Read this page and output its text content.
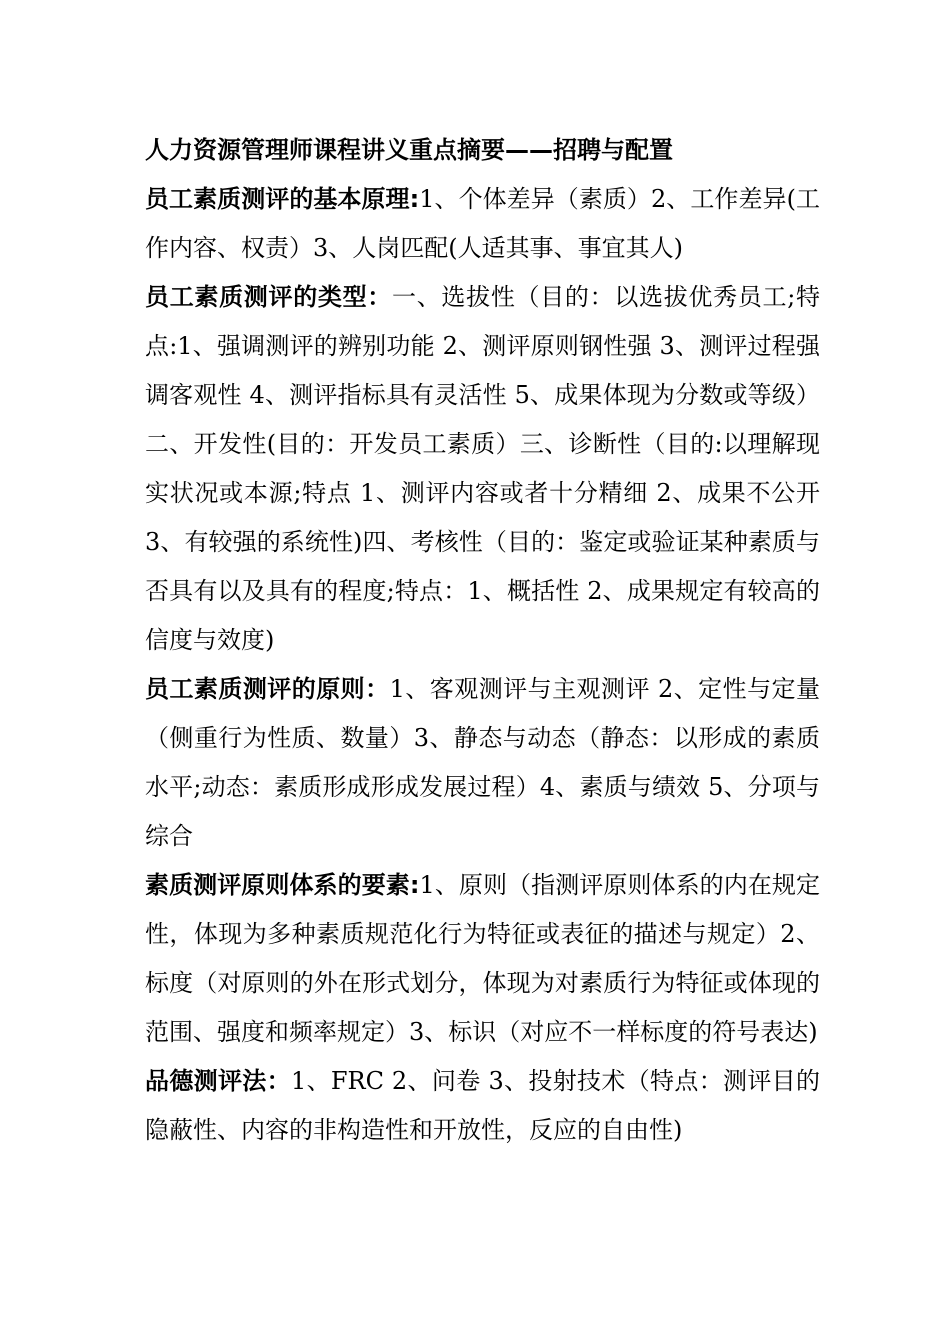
人力资源管理师课程讲义重点摘要——招聘与配置

员工素质测评的基本原理:1、个体差异（素质）2、工作差异(工作内容、权责）3、人岗匹配(人适其事、事宜其人)

员工素质测评的类型：一、选拔性（目的：以选拔优秀员工;特点:1、强调测评的辨别功能 2、测评原则钢性强 3、测评过程强调客观性 4、测评指标具有灵活性 5、成果体现为分数或等级）二、开发性(目的：开发员工素质）三、诊断性（目的:以理解现实状况或本源;特点 1、测评内容或者十分精细 2、成果不公开 3、有较强的系统性)四、考核性（目的：鉴定或验证某种素质与否具有以及具有的程度;特点：1、概括性 2、成果规定有较高的信度与效度)

员工素质测评的原则：1、客观测评与主观测评 2、定性与定量（侧重行为性质、数量）3、静态与动态（静态：以形成的素质水平;动态：素质形成形成发展过程）4、素质与绩效 5、分项与综合

素质测评原则体系的要素:1、原则（指测评原则体系的内在规定性，体现为多种素质规范化行为特征或表征的描述与规定）2、标度（对原则的外在形式划分，体现为对素质行为特征或体现的范围、强度和频率规定）3、标识（对应不一样标度的符号表达)

品德测评法：1、FRC 2、问卷 3、投射技术（特点：测评目的隐蔽性、内容的非构造性和开放性，反应的自由性)
